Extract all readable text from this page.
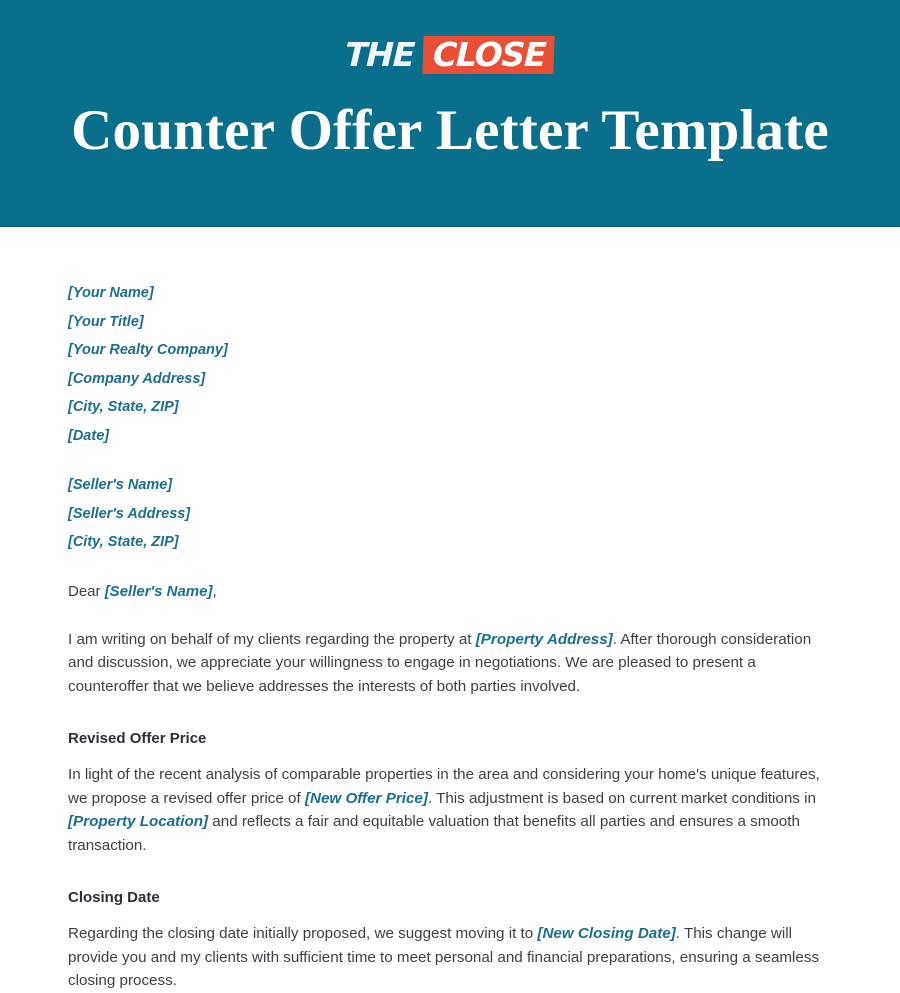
THE CLOSE
Counter Offer Letter Template
[Your Name]
[Your Title]
[Your Realty Company]
[Company Address]
[City, State, ZIP]
[Date]
[Seller's Name]
[Seller's Address]
[City, State, ZIP]
Dear [Seller's Name],

I am writing on behalf of my clients regarding the property at [Property Address]. After thorough consideration and discussion, we appreciate your willingness to engage in negotiations. We are pleased to present a counteroffer that we believe addresses the interests of both parties involved.

Revised Offer Price

In light of the recent analysis of comparable properties in the area and considering your home's unique features, we propose a revised offer price of [New Offer Price]. This adjustment is based on current market conditions in [Property Location] and reflects a fair and equitable valuation that benefits all parties and ensures a smooth transaction.

Closing Date

Regarding the closing date initially proposed, we suggest moving it to [New Closing Date]. This change will provide you and my clients with sufficient time to meet personal and financial preparations, ensuring a seamless closing process.
